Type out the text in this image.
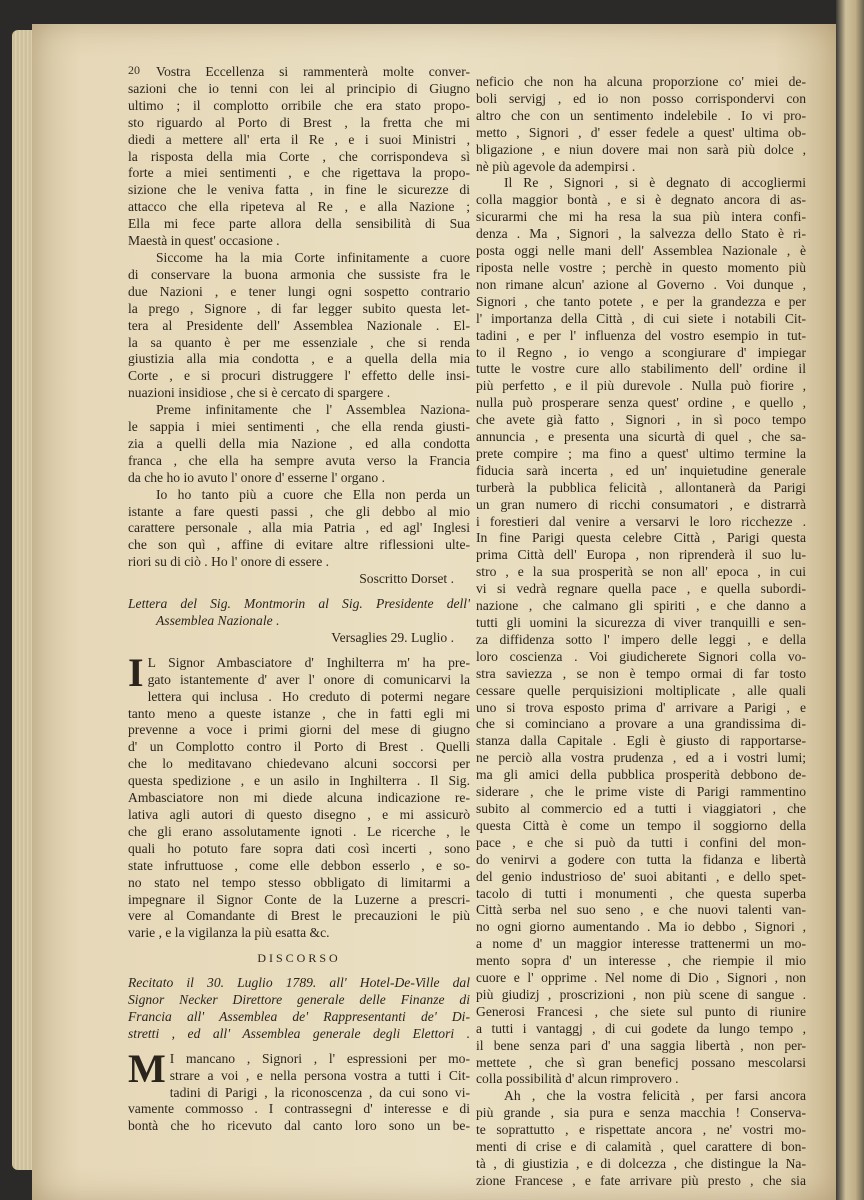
20	Vostra Eccellenza si rammenterà molte conver-
sazioni che io tenni con lei al principio di Giugno
ultimo ; il complotto orribile che era stato propo-
sto riguardo al Porto di Brest , la fretta che mi
diedi a mettere all' erta il Re , e i suoi Ministri ,
la risposta della mia Corte , che corrispondeva sì
forte a miei sentimenti , e che rigettava la propo-
sizione che le veniva fatta , in fine le sicurezze di
attacco che ella ripeteva al Re , e alla Nazione ;
Ella mi fece parte allora della sensibilità di Sua
Maestà in quest' occasione .
Siccome ha la mia Corte infinitamente a cuore
di conservare la buona armonia che sussiste fra le
due Nazioni , e tener lungi ogni sospetto contrario
la prego , Signore , di far legger subito questa let-
tera al Presidente dell' Assemblea Nazionale . El-
la sa quanto è per me essenziale , che si renda
giustizia alla mia condotta , e a quella della mia
Corte , e si procuri distruggere l' effetto delle insi-
nuazioni insidiose , che si è cercato di spargere .
Preme infinitamente che l' Assemblea Naziona-
le sappia i miei sentimenti , che ella renda giusti-
zia a quelli della mia Nazione , ed alla condotta
franca , che ella ha sempre avuta verso la Francia
da che ho io avuto l' onore d' esserne l' organo .
Io ho tanto più a cuore che Ella non perda un
istante a fare questi passi , che gli debbo al mio
carattere personale , alla mia Patria , ed agl' Inglesi
che son quì , affine di evitare altre riflessioni ulte-
riori su di ciò . Ho l' onore di essere .
Soscritto Dorset .
Lettera del Sig. Montmorin al Sig. Presidente dell'
Assemblea Nazionale .
Versaglies 29. Luglio .
I L Signor Ambasciatore d' Inghilterra m' ha pre-
gato istantemente d' aver l' onore di comunicarvi la
lettera qui inclusa . Ho creduto di potermi negare
tanto meno a queste istanze , che in fatti egli mi
prevenne a voce i primi giorni del mese di giugno
d' un Complotto contro il Porto di Brest . Quelli
che lo meditavano chiedevano alcuni soccorsi per
questa spedizione , e un asilo in Inghilterra . Il Sig.
Ambasciatore non mi diede alcuna indicazione re-
lativa agli autori di questo disegno , e mi assicurò
che gli erano assolutamente ignoti . Le ricerche , le
quali ho potuto fare sopra dati così incerti , sono
state infruttuose , come elle debbon esserlo , e so-
no stato nel tempo stesso obbligato di limitarmi a
impegnare il Signor Conte de la Luzerne a prescri-
vere al Comandante di Brest le precauzioni le più
varie , e la vigilanza la più esatta &c.
DISCORSO
Recitato il 30. Luglio 1789. all' Hotel-De-Ville dal
Signor Necker Direttore generale delle Finanze di
Francia all' Assemblea de' Rappresentanti de' Di-
stretti , ed all' Assemblea generale degli Elettori .
M I mancano , Signori , l' espressioni per mo-
strare a voi , e nella persona vostra a tutti i Cit-
tadini di Parigi , la riconoscenza , da cui sono vi-
vamente commosso . I contrassegni d' interesse e di
bontà che ho ricevuto dal canto loro sono un be-
neficio che non ha alcuna proporzione co' miei de-
boli servigj , ed io non posso corrispondervi con
altro che con un sentimento indelebile . Io vi pro-
metto , Signori , d' esser fedele a quest' ultima ob-
bligazione , e niun dovere mai non sarà più dolce ,
nè più agevole da adempirsi .
Il Re , Signori , si è degnato di accogliermi
colla maggior bontà , e si è degnato ancora di as-
sicurarmi che mi ha resa la sua più intera confi-
denza . Ma , Signori , la salvezza dello Stato è ri-
posta oggi nelle mani dell' Assemblea Nazionale , è
riposta nelle vostre ; perchè in questo momento più
non rimane alcun' azione al Governo . Voi dunque ,
Signori , che tanto potete , e per la grandezza e per
l' importanza della Città , di cui siete i notabili Cit-
tadini , e per l' influenza del vostro esempio in tut-
to il Regno , io vengo a scongiurare d' impiegar
tutte le vostre cure allo stabilimento dell' ordine il
più perfetto , e il più durevole . Nulla può fiorire ,
nulla può prosperare senza quest' ordine , e quello ,
che avete già fatto , Signori , in sì poco tempo
annuncia , e presenta una sicurtà di quel , che sa-
prete compire ; ma fino a quest' ultimo termine la
fiducia sarà incerta , ed un' inquietudine generale
turberà la pubblica felicità , allontanerà da Parigi
un gran numero di ricchi consumatori , e distrarrà
i forestieri dal venire a versarvi le loro ricchezze .
In fine Parigi questa celebre Città , Parigi questa
prima Città dell' Europa , non riprenderà il suo lu-
stro , e la sua prosperità se non all' epoca , in cui
vi si vedrà regnare quella pace , e quella subordi-
nazione , che calmano gli spiriti , e che danno a
tutti gli uomini la sicurezza di viver tranquilli e sen-
za diffidenza sotto l' impero delle leggi , e della
loro coscienza . Voi giudicherete Signori colla vo-
stra saviezza , se non è tempo ormai di far tosto
cessare quelle perquisizioni moltiplicate , alle quali
uno si trova esposto prima d' arrivare a Parigi , e
che si cominciano a provare a una grandissima di-
stanza dalla Capitale . Egli è giusto di rapportarse-
ne perciò alla vostra prudenza , ed a i vostri lumi;
ma gli amici della pubblica prosperità debbono de-
siderare , che le prime viste di Parigi rammentino
subito al commercio ed a tutti i viaggiatori , che
questa Città è come un tempo il soggiorno della
pace , e che si può da tutti i confini del mon-
do venirvi a godere con tutta la fidanza e libertà
del genio industrioso de' suoi abitanti , e dello spet-
tacolo di tutti i monumenti , che questa superba
Città serba nel suo seno , e che nuovi talenti van-
no ogni giorno aumentando . Ma io debbo , Signori ,
a nome d' un maggior interesse trattenermi un mo-
mento sopra d' un interesse , che riempie il mio
cuore e l' opprime . Nel nome di Dio , Signori , non
più giudizj , proscrizioni , non più scene di sangue .
Generosi Francesi , che siete sul punto di riunire
a tutti i vantaggj , di cui godete da lungo tempo ,
il bene senza pari d' una saggia libertà , non per-
mettete , che sì gran beneficj possano mescolarsi
colla possibilità d' alcun rimprovero .
Ah , che la vostra felicità , per farsi ancora
più grande , sia pura e senza macchia ! Conserva-
te soprattutto , e rispettate ancora , ne' vostri mo-
menti di crise e di calamità , quel carattere di bon-
tà , di giustizia , e di dolcezza , che distingue la Na-
zione Francese , e fate arrivare più presto , che sia
